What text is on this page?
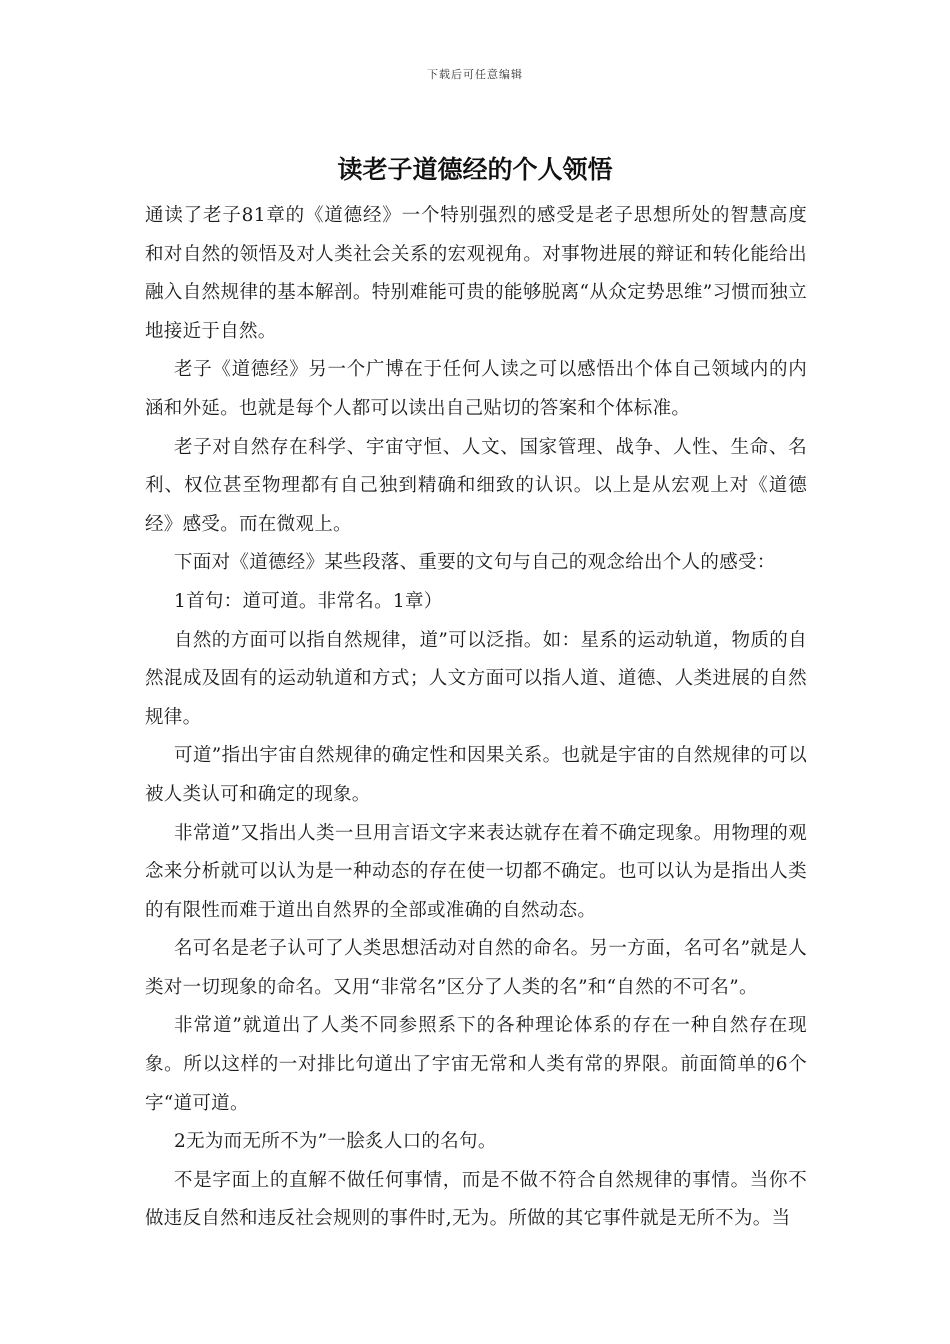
下载后可任意编辑
读老子道德经的个人领悟

通读了老子81章的《道德经》一个特别强烈的感受是老子思想所处的智慧高度和对自然的领悟及对人类社会关系的宏观视角。对事物进展的辩证和转化能给出融入自然规律的基本解剖。特别难能可贵的能够脱离“从众定势思维”习惯而独立地接近于自然。

老子《道德经》另一个广博在于任何人读之可以感悟出个体自己领域内的内涵和外延。也就是每个人都可以读出自己贴切的答案和个体标准。

老子对自然存在科学、宇宙守恒、人文、国家管理、战争、人性、生命、名利、权位甚至物理都有自己独到精确和细致的认识。以上是从宏观上对《道德经》感受。而在微观上。

下面对《道德经》某些段落、重要的文句与自己的观念给出个人的感受：

1首句：道可道。非常名。1章）

自然的方面可以指自然规律，道”可以泛指。如：星系的运动轨道，物质的自然混成及固有的运动轨道和方式；人文方面可以指人道、道德、人类进展的自然规律。

可道”指出宇宙自然规律的确定性和因果关系。也就是宇宙的自然规律的可以被人类认可和确定的现象。

非常道”又指出人类一旦用言语文字来表达就存在着不确定现象。用物理的观念来分析就可以认为是一种动态的存在使一切都不确定。也可以认为是指出人类的有限性而难于道出自然界的全部或准确的自然动态。

名可名是老子认可了人类思想活动对自然的命名。另一方面，名可名”就是人类对一切现象的命名。又用“非常名”区分了人类的名”和“自然的不可名”。

非常道”就道出了人类不同参照系下的各种理论体系的存在一种自然存在现象。所以这样的一对排比句道出了宇宙无常和人类有常的界限。前面简单的6个字“道可道。

2无为而无所不为”一脍炙人口的名句。

不是字面上的直解不做任何事情，而是不做不符合自然规律的事情。当你不做违反自然和违反社会规则的事件时,无为。所做的其它事件就是无所不为。当
